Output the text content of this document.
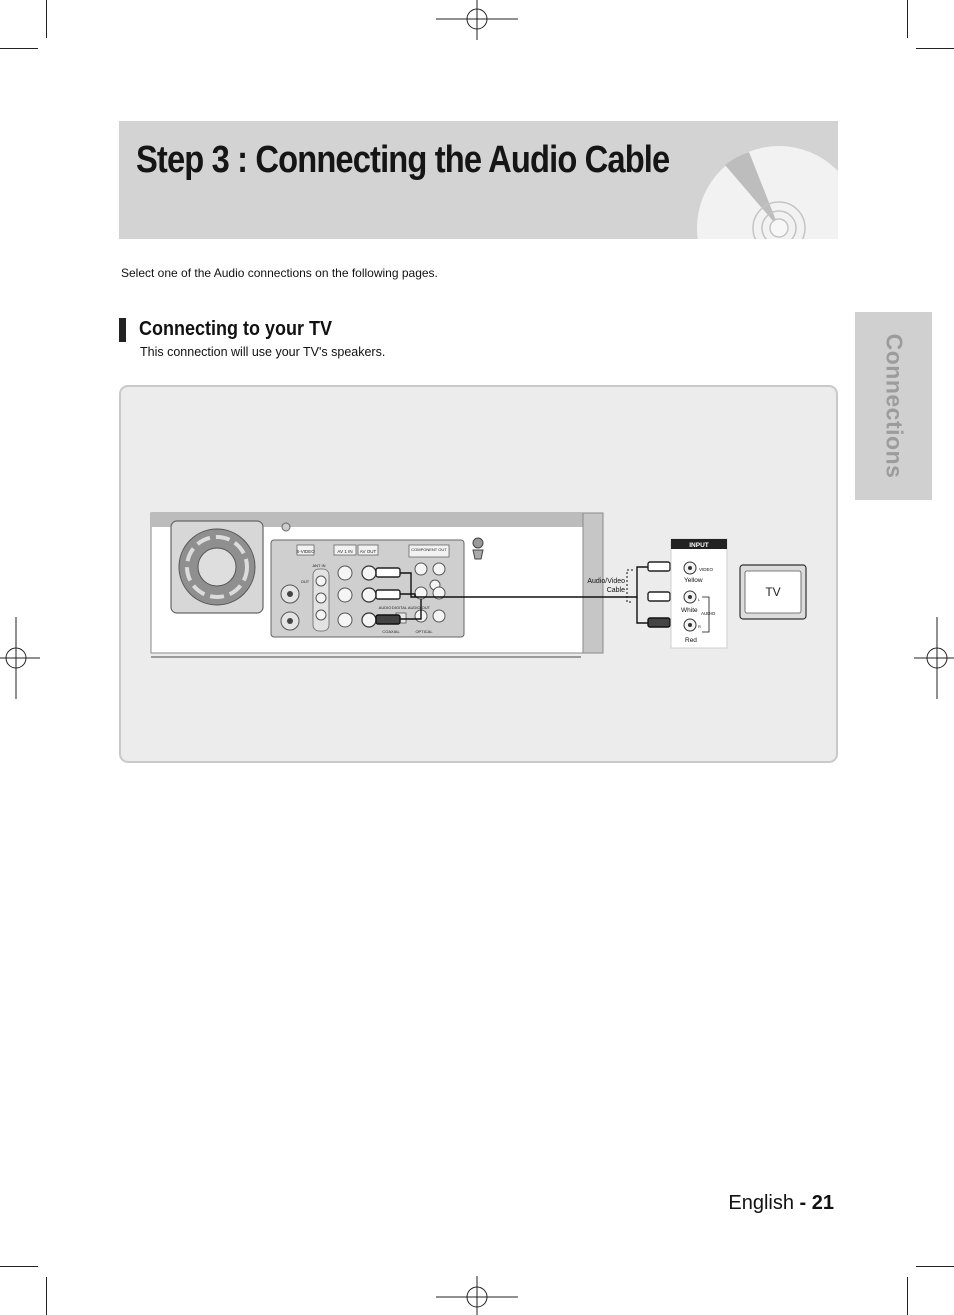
Step 3 : Connecting the Audio Cable
Select one of the Audio connections on the following pages.
Connecting to your TV
This connection will use your TV's speakers.	Connections
S-VIDEO	AV 1 IN AV OUT	COMPONENT OUT
ANT IN
OUT
AUDIO DIGITAL AUDIO OUT
COAXIAL	OPTICAL
Audio/Video
Cable
INPUT
VIDEO
Yellow
L
White AUDIO
R
Red
TV
English - 21
